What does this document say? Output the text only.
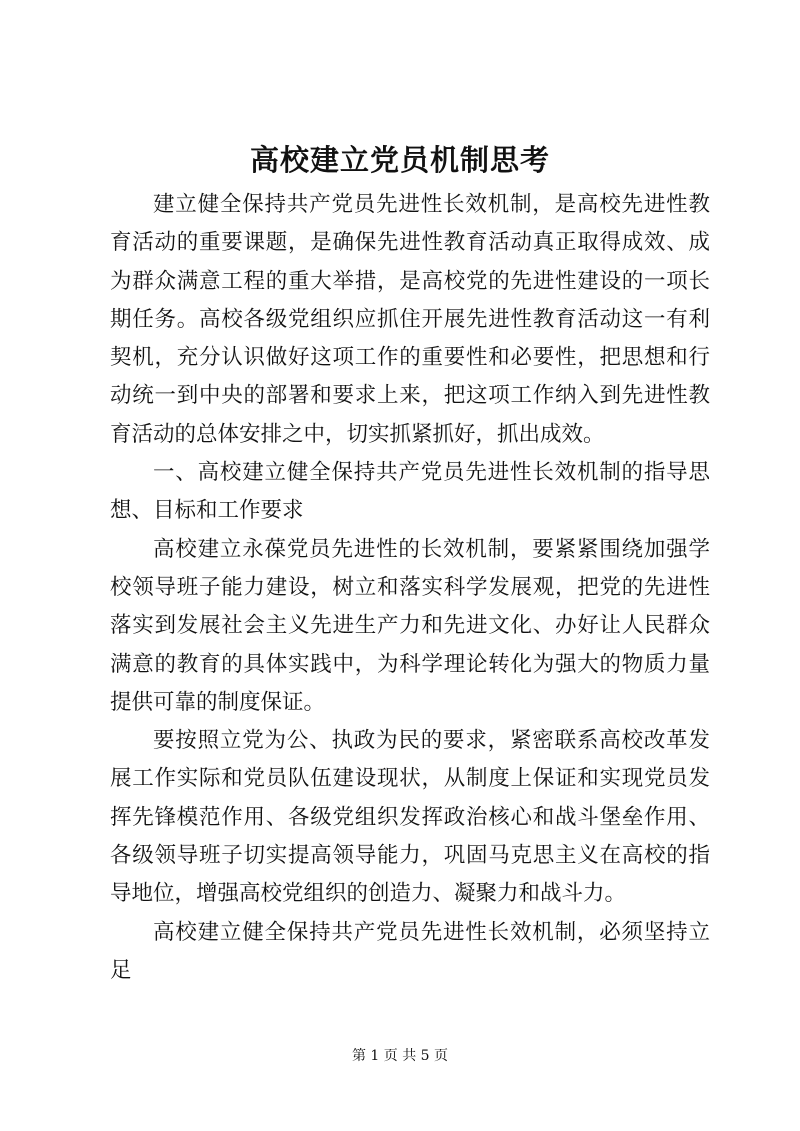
高校建立党员机制思考

建立健全保持共产党员先进性长效机制，是高校先进性教育活动的重要课题，是确保先进性教育活动真正取得成效、成为群众满意工程的重大举措，是高校党的先进性建设的一项长期任务。高校各级党组织应抓住开展先进性教育活动这一有利契机，充分认识做好这项工作的重要性和必要性，把思想和行动统一到中央的部署和要求上来，把这项工作纳入到先进性教育活动的总体安排之中，切实抓紧抓好，抓出成效。

一、高校建立健全保持共产党员先进性长效机制的指导思想、目标和工作要求

高校建立永葆党员先进性的长效机制，要紧紧围绕加强学校领导班子能力建设，树立和落实科学发展观，把党的先进性落实到发展社会主义先进生产力和先进文化、办好让人民群众满意的教育的具体实践中，为科学理论转化为强大的物质力量提供可靠的制度保证。

要按照立党为公、执政为民的要求，紧密联系高校改革发展工作实际和党员队伍建设现状，从制度上保证和实现党员发挥先锋模范作用、各级党组织发挥政治核心和战斗堡垒作用、各级领导班子切实提高领导能力，巩固马克思主义在高校的指导地位，增强高校党组织的创造力、凝聚力和战斗力。

高校建立健全保持共产党员先进性长效机制，必须坚持立足

第 1 页 共 5 页
